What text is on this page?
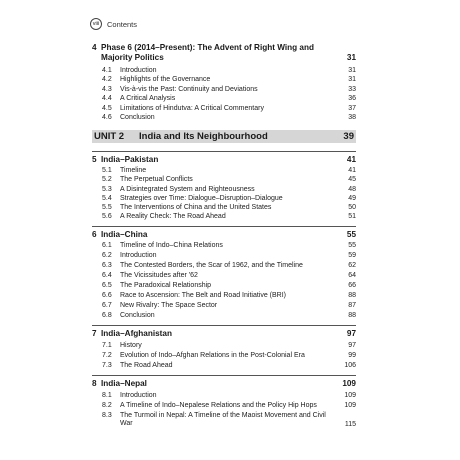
viii	Contents
4 Phase 6 (2014–Present): The Advent of Right Wing and Majority Politics	31
4.1 Introduction	31
4.2 Highlights of the Governance	31
4.3 Vis-à-vis the Past: Continuity and Deviations	33
4.4 A Critical Analysis	36
4.5 Limitations of Hindutva: A Critical Commentary	37
4.6 Conclusion	38
UNIT 2 India and Its Neighbourhood	39
5 India–Pakistan	41
5.1 Timeline	41
5.2 The Perpetual Conflicts	45
5.3 A Disintegrated System and Righteousness	48
5.4 Strategies over Time: Dialogue–Disruption–Dialogue	49
5.5 The Interventions of China and the United States	50
5.6 A Reality Check: The Road Ahead	51
6 India–China	55
6.1 Timeline of Indo–China Relations	55
6.2 Introduction	59
6.3 The Contested Borders, the Scar of 1962, and the Timeline	62
6.4 The Vicissitudes after '62	64
6.5 The Paradoxical Relationship	66
6.6 Race to Ascension: The Belt and Road Initiative (BRI)	88
6.7 New Rivalry: The Space Sector	87
6.8 Conclusion	88
7 India–Afghanistan	97
7.1 History	97
7.2 Evolution of Indo–Afghan Relations in the Post-Colonial Era	99
7.3 The Road Ahead	106
8 India–Nepal	109
8.1 Introduction	109
8.2 A Timeline of Indo–Nepalese Relations and the Policy Hip Hops	109
8.3 The Turmoil in Nepal: A Timeline of the Maoist Movement and Civil War	115
